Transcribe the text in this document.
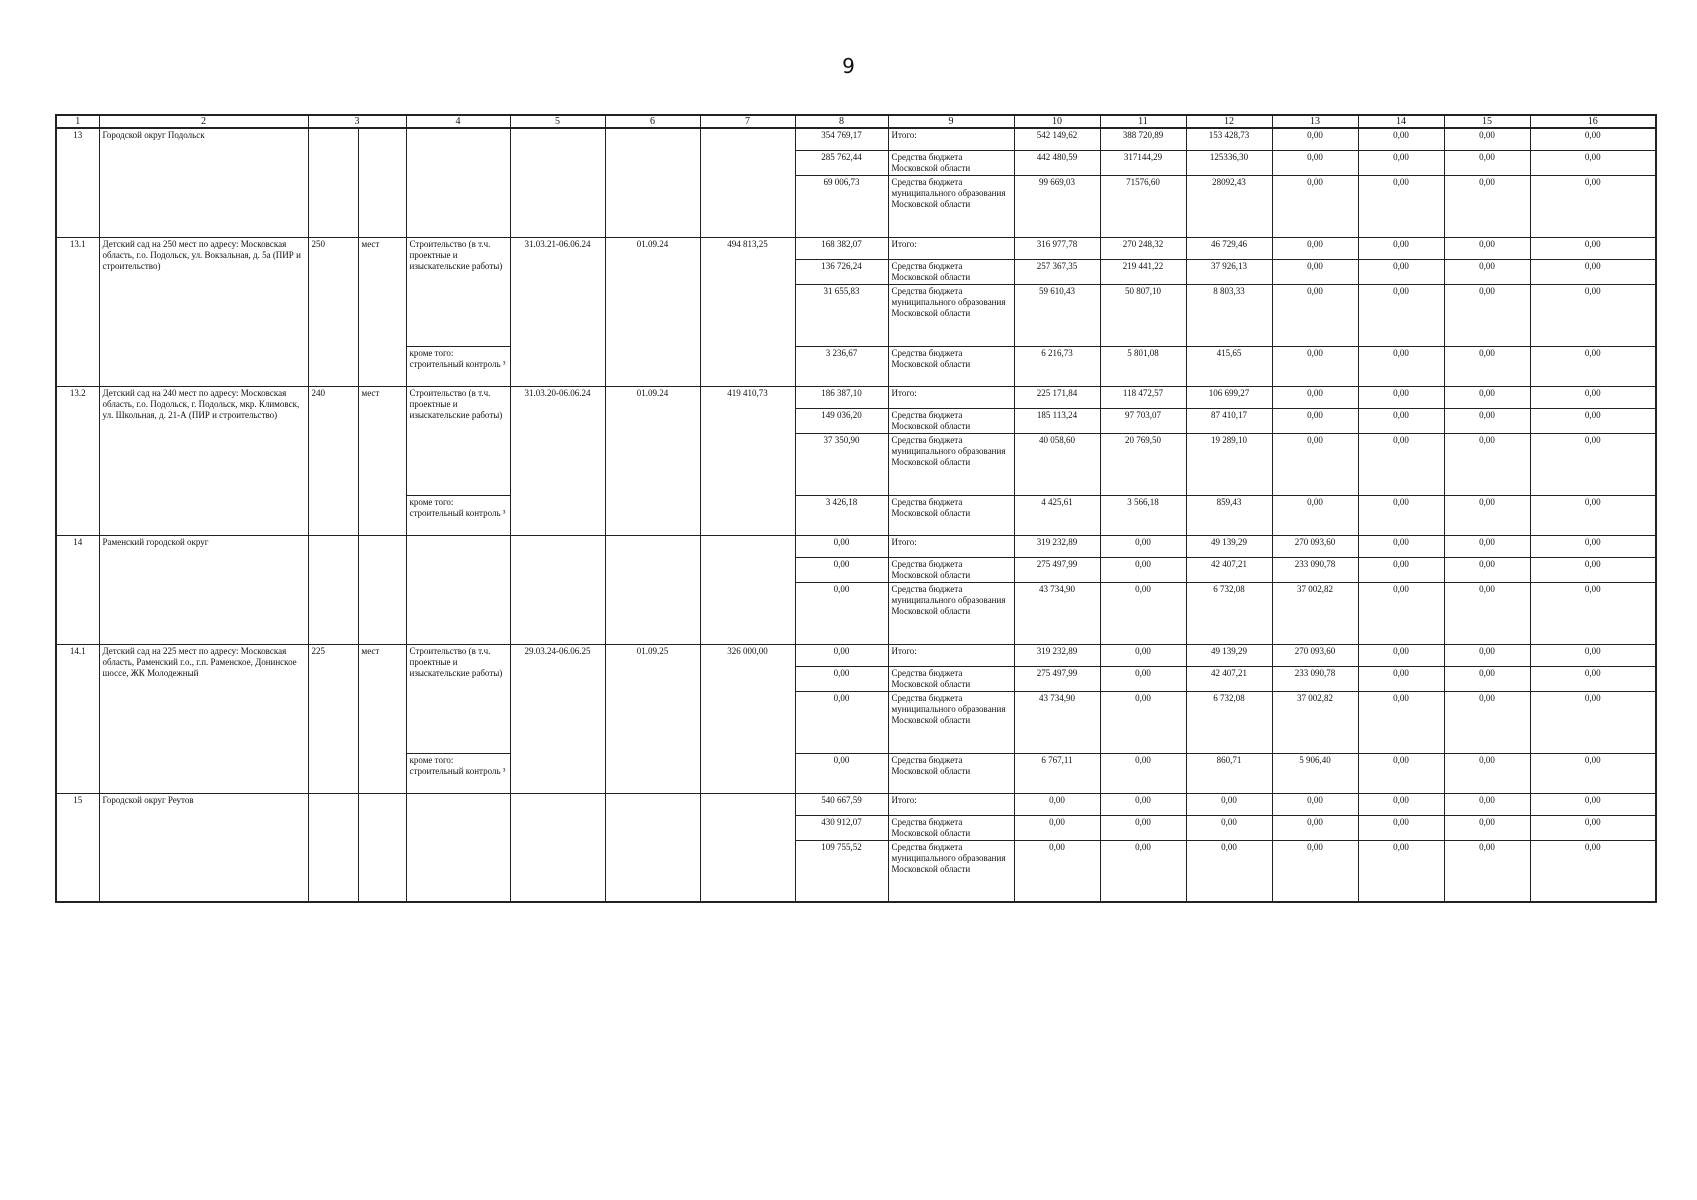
9
1	2	3		4	5	6	7	8	9	10	11	12	13	14	15	16
13	Городской округ Подольск							354 769,17	Итого:	542 149,62	388 720,89	153 428,73	0,00	0,00	0,00	0,00
								285 762,44	Средства бюджета Московской области	442 480,59	317144,29	125336,30	0,00	0,00	0,00	0,00
								69 006,73	Средства бюджета муниципального образования Московской области	99 669,03	71576,60	28092,43	0,00	0,00	0,00	0,00
13.1	Детский сад на 250 мест по адресу: Московская область, г.о. Подольск, ул. Вокзальная, д. 5а (ПИР и строительство)	250	мест	Строительство (в т.ч. проектные и изыскательские работы)	31.03.21-06.06.24	01.09.24	494 813,25	168 382,07	Итого:	316 977,78	270 248,32	46 729,46	0,00	0,00	0,00	0,00
								136 726,24	Средства бюджета Московской области	257 367,35	219 441,22	37 926,13	0,00	0,00	0,00	0,00
								31 655,83	Средства бюджета муниципального образования Московской области	59 610,43	50 807,10	8 803,33	0,00	0,00	0,00	0,00
				кроме того: строительный контроль ³				3 236,67	Средства бюджета Московской области	6 216,73	5 801,08	415,65	0,00	0,00	0,00	0,00
13.2	Детский сад на 240 мест по адресу: Московская область, г.о. Подольск, г. Подольск, мкр. Климовск, ул. Школьная, д. 21-А (ПИР и строительство)	240	мест	Строительство (в т.ч. проектные и изыскательские работы)	31.03.20-06.06.24	01.09.24	419 410,73	186 387,10	Итого:	225 171,84	118 472,57	106 699,27	0,00	0,00	0,00	0,00
								149 036,20	Средства бюджета Московской области	185 113,24	97 703,07	87 410,17	0,00	0,00	0,00	0,00
								37 350,90	Средства бюджета муниципального образования Московской области	40 058,60	20 769,50	19 289,10	0,00	0,00	0,00	0,00
				кроме того: строительный контроль ³				3 426,18	Средства бюджета Московской области	4 425,61	3 566,18	859,43	0,00	0,00	0,00	0,00
14	Раменский городской округ							0,00	Итого:	319 232,89	0,00	49 139,29	270 093,60	0,00	0,00	0,00
								0,00	Средства бюджета Московской области	275 497,99	0,00	42 407,21	233 090,78	0,00	0,00	0,00
								0,00	Средства бюджета муниципального образования Московской области	43 734,90	0,00	6 732,08	37 002,82	0,00	0,00	0,00
14.1	Детский сад на 225 мест по адресу: Московская область, Раменский г.о., г.п. Раменское, Донинское шоссе, ЖК Молодежный	225	мест	Строительство (в т.ч. проектные и изыскательские работы)	29.03.24-06.06.25	01.09.25	326 000,00	0,00	Итого:	319 232,89	0,00	49 139,29	270 093,60	0,00	0,00	0,00
								0,00	Средства бюджета Московской области	275 497,99	0,00	42 407,21	233 090,78	0,00	0,00	0,00
								0,00	Средства бюджета муниципального образования Московской области	43 734,90	0,00	6 732,08	37 002,82	0,00	0,00	0,00
				кроме того: строительный контроль ³				0,00	Средства бюджета Московской области	6 767,11	0,00	860,71	5 906,40	0,00	0,00	0,00
15	Городской округ Реутов							540 667,59	Итого:	0,00	0,00	0,00	0,00	0,00	0,00	0,00
								430 912,07	Средства бюджета Московской области	0,00	0,00	0,00	0,00	0,00	0,00	0,00
								109 755,52	Средства бюджета муниципального образования Московской области	0,00	0,00	0,00	0,00	0,00	0,00	0,00
